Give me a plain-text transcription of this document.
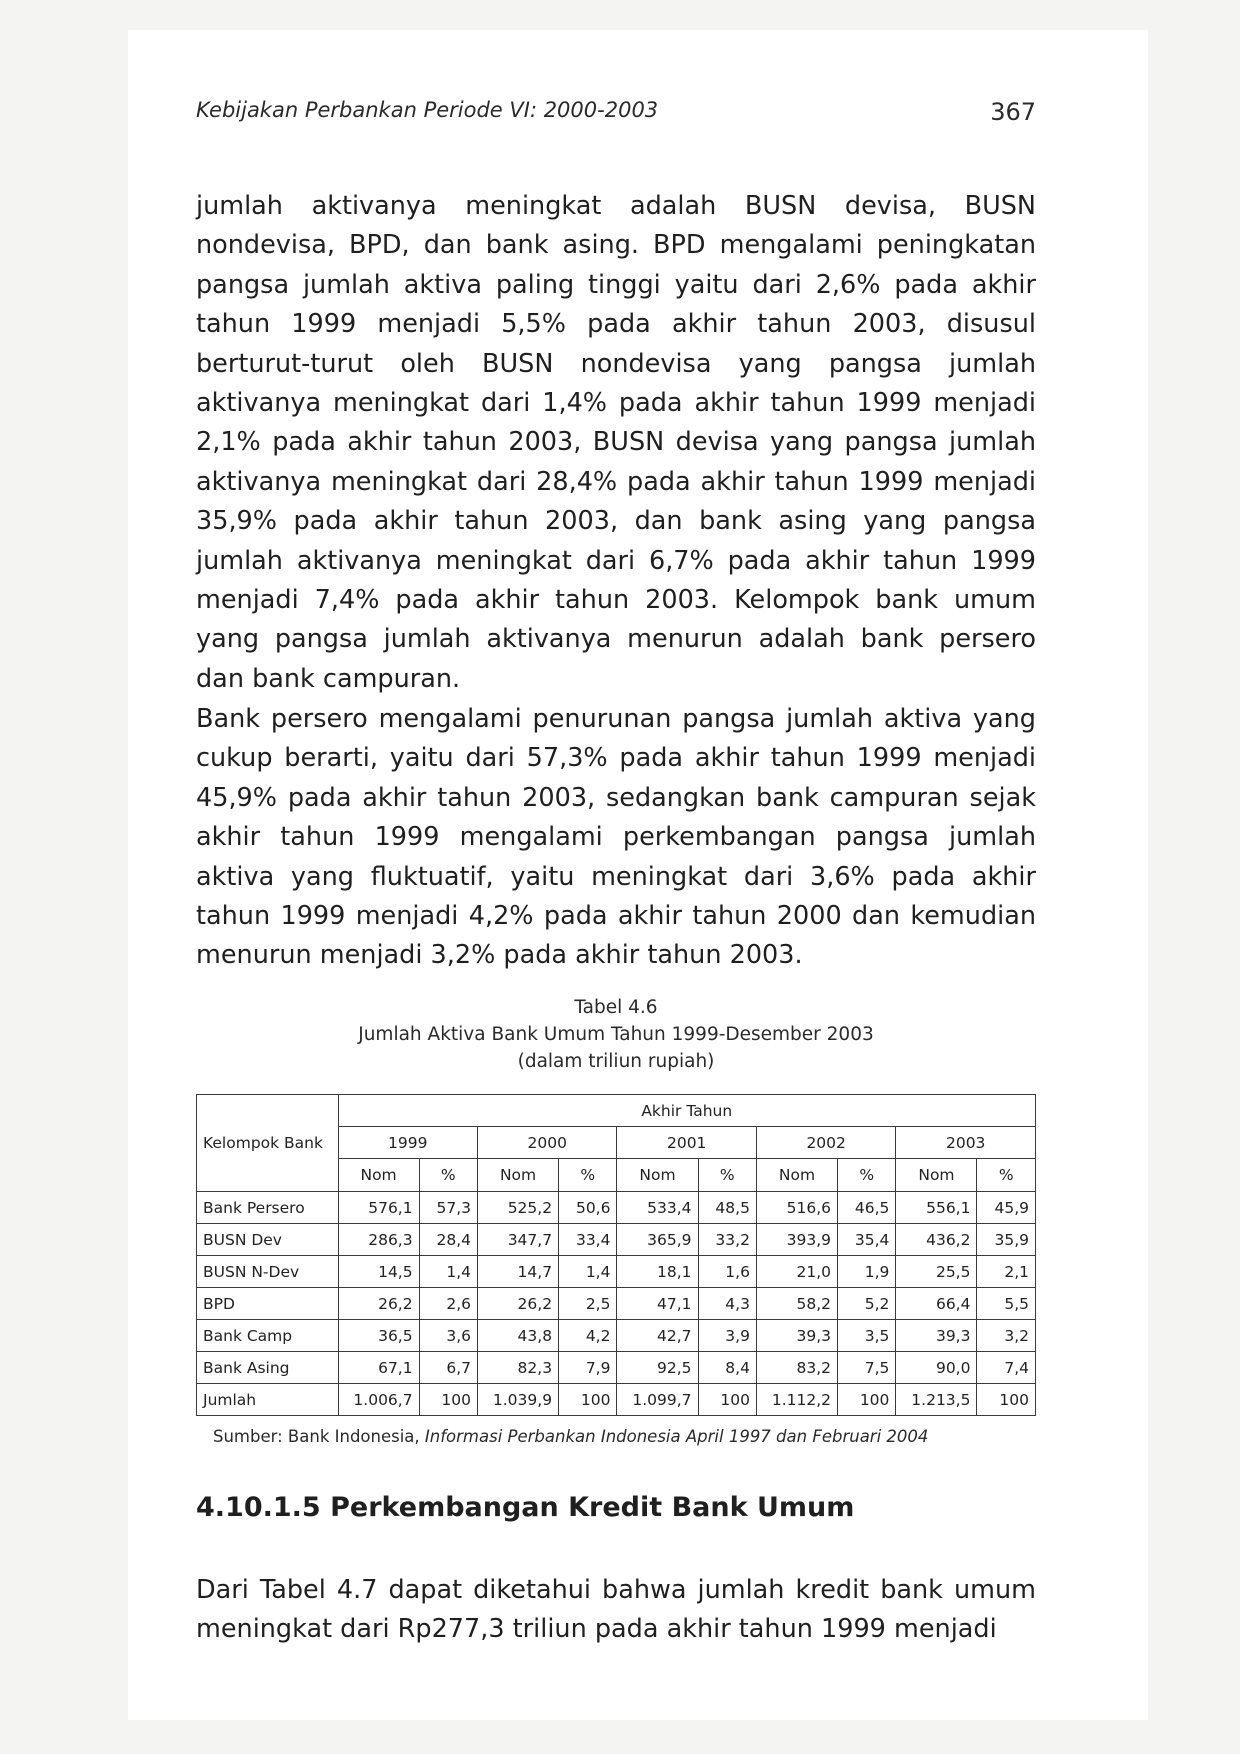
Kebijakan Perbankan Periode VI: 2000-2003	367

jumlah aktivanya meningkat adalah BUSN devisa, BUSN nondevisa, BPD, dan bank asing. BPD mengalami peningkatan pangsa jumlah aktiva paling tinggi yaitu dari 2,6% pada akhir tahun 1999 menjadi 5,5% pada akhir tahun 2003, disusul berturut-turut oleh BUSN nondevisa yang pangsa jumlah aktivanya meningkat dari 1,4% pada akhir tahun 1999 menjadi 2,1% pada akhir tahun 2003, BUSN devisa yang pangsa jumlah aktivanya meningkat dari 28,4% pada akhir tahun 1999 menjadi 35,9% pada akhir tahun 2003, dan bank asing yang pangsa jumlah aktivanya meningkat dari 6,7% pada akhir tahun 1999 menjadi 7,4% pada akhir tahun 2003. Kelompok bank umum yang pangsa jumlah aktivanya menurun adalah bank persero dan bank campuran.

Bank persero mengalami penurunan pangsa jumlah aktiva yang cukup berarti, yaitu dari 57,3% pada akhir tahun 1999 menjadi 45,9% pada akhir tahun 2003, sedangkan bank campuran sejak akhir tahun 1999 mengalami perkembangan pangsa jumlah aktiva yang fluktuatif, yaitu meningkat dari 3,6% pada akhir tahun 1999 menjadi 4,2% pada akhir tahun 2000 dan kemudian menurun menjadi 3,2% pada akhir tahun 2003.

Tabel 4.6
Jumlah Aktiva Bank Umum Tahun 1999-Desember 2003
(dalam triliun rupiah)
Kelompok Bank	Akhir Tahun									
	1999		2000		2001		2002		2003	
	Nom	%	Nom	%	Nom	%	Nom	%	Nom	%
Bank Persero	576,1	57,3	525,2	50,6	533,4	48,5	516,6	46,5	556,1	45,9
BUSN Dev	286,3	28,4	347,7	33,4	365,9	33,2	393,9	35,4	436,2	35,9
BUSN N-Dev	14,5	1,4	14,7	1,4	18,1	1,6	21,0	1,9	25,5	2,1
BPD	26,2	2,6	26,2	2,5	47,1	4,3	58,2	5,2	66,4	5,5
Bank Camp	36,5	3,6	43,8	4,2	42,7	3,9	39,3	3,5	39,3	3,2
Bank Asing	67,1	6,7	82,3	7,9	92,5	8,4	83,2	7,5	90,0	7,4
Jumlah	1.006,7	100	1.039,9	100	1.099,7	100	1.112,2	100	1.213,5	100
Sumber: Bank Indonesia, Informasi Perbankan Indonesia April 1997 dan Februari 2004
4.10.1.5 Perkembangan Kredit Bank Umum

Dari Tabel 4.7 dapat diketahui bahwa jumlah kredit bank umum meningkat dari Rp277,3 triliun pada akhir tahun 1999 menjadi
